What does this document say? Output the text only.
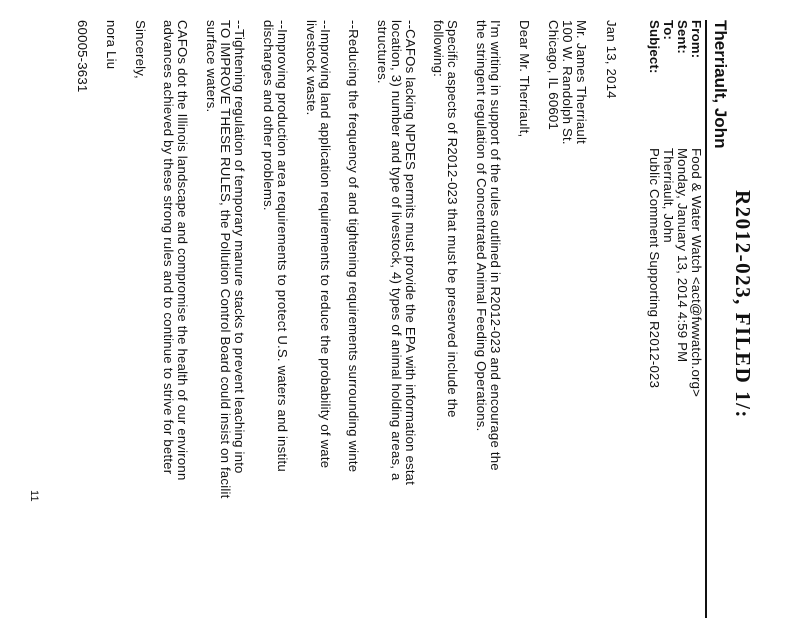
R2012-023, FILED 1/:
Therriault, John
From:
Food & Water Watch <act@fwwatch.org>
Sent:
Monday, January 13, 2014 4:59 PM
To:
Therriault, John
Subject:
Public Comment Supporting R2012-023
Jan 13, 2014
Mr. James Therriault
100 W. Randolph St.
Chicago, IL 60601
Dear Mr. Therriault,
I'm writing in support of the rules outlined in R2012-023 and encourage the
the stringent regulation of Concentrated Animal Feeding Operations.
Specific aspects of R2012-023 that must be preserved include the
following:
--CAFOs lacking NPDES permits must provide the EPA with information estat
location, 3) number and type of livestock, 4) types of animal holding areas, a
structures.
--Reducing the frequency of and tightening requirements surrounding winte
--Improving land application requirements to reduce the probability of wate
livestock waste.
--Improving production area requirements to protect U.S. waters and institu
discharges and other problems.
--Tightening regulation of temporary manure stacks to prevent leaching into
TO IMPROVE THESE RULES, the Pollution Control Board could insist on facilit
surface waters.
CAFOs dot the Illinois landscape and compromise the health of our environn
advances achieved by these strong rules and to continue to strive for better
Sincerely,
nora Liu
60005-3631
11
